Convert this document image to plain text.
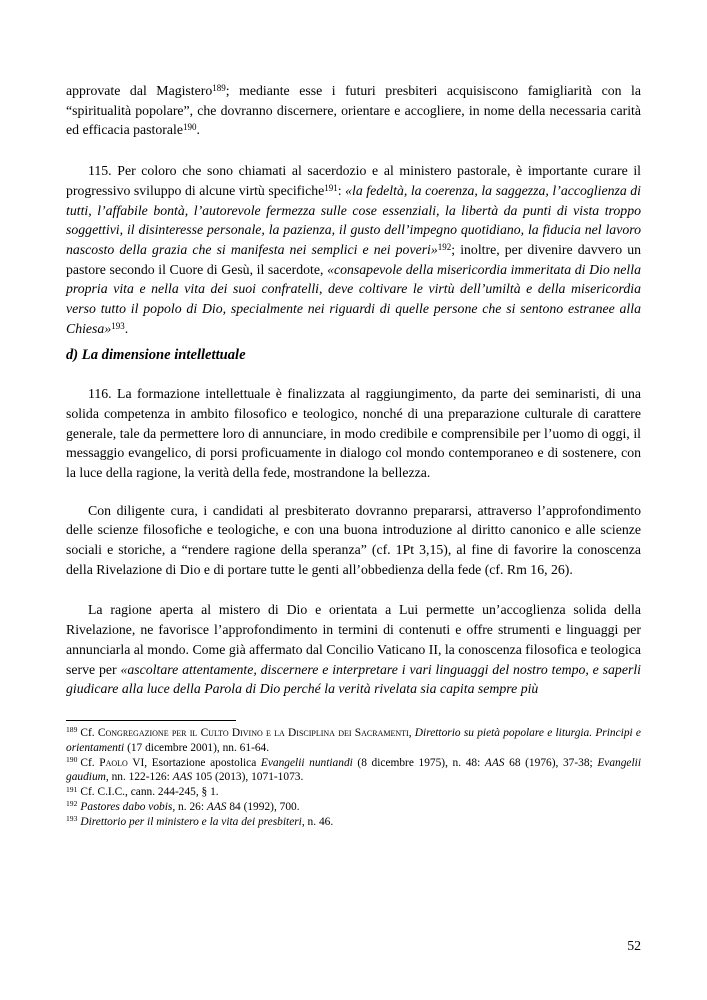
approvate dal Magistero$^{189}$; mediante esse i futuri presbiteri acquisiscono famigliarità con la “spiritualità popolare”, che dovranno discernere, orientare e accogliere, in nome della necessaria carità ed efficacia pastorale$^{190}$.

115. Per coloro che sono chiamati al sacerdozio e al ministero pastorale, è importante curare il progressivo sviluppo di alcune virtù specifiche$^{191}$: «la fedeltà, la coerenza, la saggezza, l’accoglienza di tutti, l’affabile bontà, l’autorevole fermezza sulle cose essenziali, la libertà da punti di vista troppo soggettivi, il disinteresse personale, la pazienza, il gusto dell’impegno quotidiano, la fiducia nel lavoro nascosto della grazia che si manifesta nei semplici e nei poveri»$^{192}$; inoltre, per divenire davvero un pastore secondo il Cuore di Gesù, il sacerdote, «consapevole della misericordia immeritata di Dio nella propria vita e nella vita dei suoi confratelli, deve coltivare le virtù dell’umiltà e della misericordia verso tutto il popolo di Dio, specialmente nei riguardi di quelle persone che si sentono estranee alla Chiesa»$^{193}$.

d) La dimensione intellettuale

116. La formazione intellettuale è finalizzata al raggiungimento, da parte dei seminaristi, di una solida competenza in ambito filosofico e teologico, nonché di una preparazione culturale di carattere generale, tale da permettere loro di annunciare, in modo credibile e comprensibile per l’uomo di oggi, il messaggio evangelico, di porsi proficuamente in dialogo col mondo contemporaneo e di sostenere, con la luce della ragione, la verità della fede, mostrandone la bellezza.

Con diligente cura, i candidati al presbiterato dovranno prepararsi, attraverso l’approfondimento delle scienze filosofiche e teologiche, e con una buona introduzione al diritto canonico e alle scienze sociali e storiche, a “rendere ragione della speranza” (cf. 1Pt 3,15), al fine di favorire la conoscenza della Rivelazione di Dio e di portare tutte le genti all’obbedienza della fede (cf. Rm 16, 26).

La ragione aperta al mistero di Dio e orientata a Lui permette un’accoglienza solida della Rivelazione, ne favorisce l’approfondimento in termini di contenuti e offre strumenti e linguaggi per annunciarla al mondo. Come già affermato dal Concilio Vaticano II, la conoscenza filosofica e teologica serve per «ascoltare attentamente, discernere e interpretare i vari linguaggi del nostro tempo, e saperli giudicare alla luce della Parola di Dio perché la verità rivelata sia capita sempre più

$^{189}$ Cf. Congregazione per il Culto Divino e la Disciplina dei Sacramenti, Direttorio su pietà popolare e liturgia. Principi e orientamenti (17 dicembre 2001), nn. 61-64.

$^{190}$ Cf. Paolo VI, Esortazione apostolica Evangelii nuntiandi (8 dicembre 1975), n. 48: AAS 68 (1976), 37-38; Evangelii gaudium, nn. 122-126: AAS 105 (2013), 1071-1073.

$^{191}$ Cf. C.I.C., cann. 244-245, § 1.

$^{192}$ Pastores dabo vobis, n. 26: AAS 84 (1992), 700.

$^{193}$ Direttorio per il ministero e la vita dei presbiteri, n. 46.

52
